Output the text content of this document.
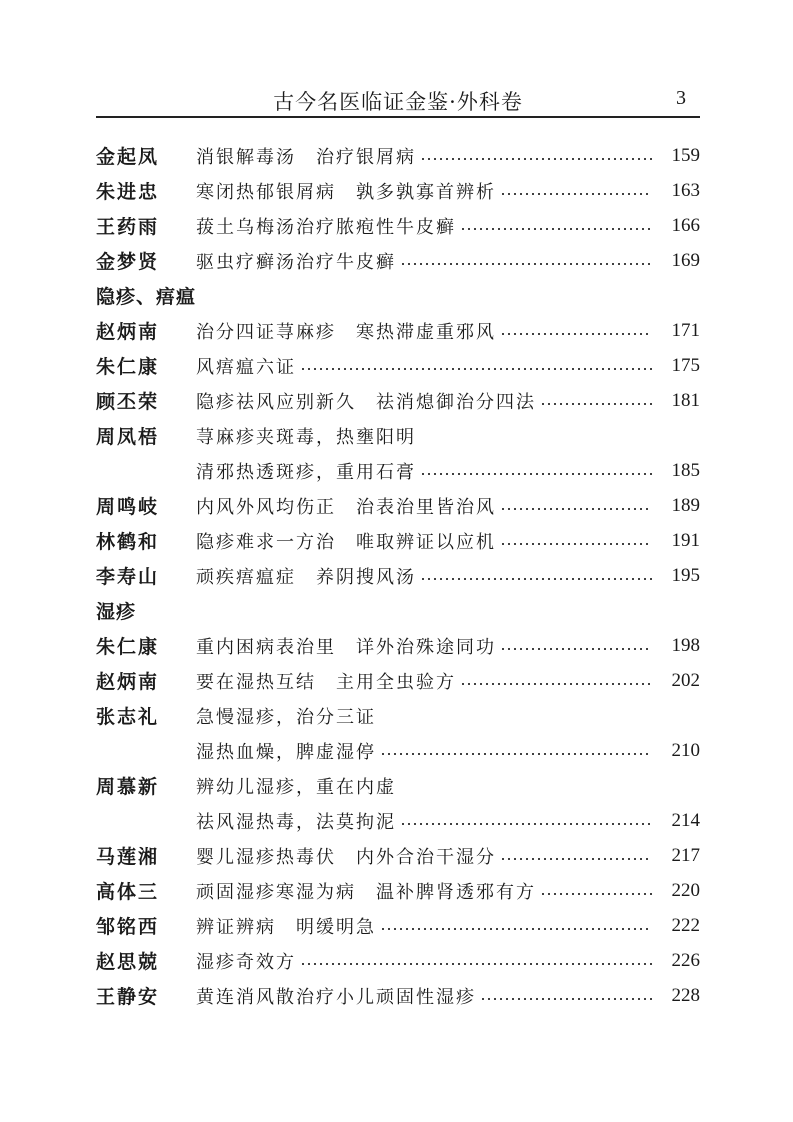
古今名医临证金鉴·外科卷	3
金起凤	消银解毒汤　治疗银屑病	159
朱进忠	寒闭热郁银屑病　孰多孰寡首辨析	163
王药雨	菝土乌梅汤治疗脓疱性牛皮癣	166
金梦贤	驱虫疗癣汤治疗牛皮癣	169
隐疹、痦瘟
赵炳南	治分四证荨麻疹　寒热滞虚重邪风	171
朱仁康	风痦瘟六证	175
顾丕荣	隐疹祛风应别新久　祛消熄御治分四法	181
周凤梧	荨麻疹夹斑毒，热壅阳明
清邪热透斑疹，重用石膏	185
周鸣岐	内风外风均伤正　治表治里皆治风	189
林鹤和	隐疹难求一方治　唯取辨证以应机	191
李寿山	顽疾痦瘟症　养阴搜风汤	195
湿疹
朱仁康	重内困病表治里　详外治殊途同功	198
赵炳南	要在湿热互结　主用全虫验方	202
张志礼	急慢湿疹，治分三证
湿热血燥，脾虚湿停	210
周慕新	辨幼儿湿疹，重在内虚
祛风湿热毒，法莫拘泥	214
马莲湘	婴儿湿疹热毒伏　内外合治干湿分	217
高体三	顽固湿疹寒湿为病　温补脾肾透邪有方	220
邹铭西	辨证辨病　明缓明急	222
赵思兢	湿疹奇效方	226
王静安	黄连消风散治疗小儿顽固性湿疹	228
